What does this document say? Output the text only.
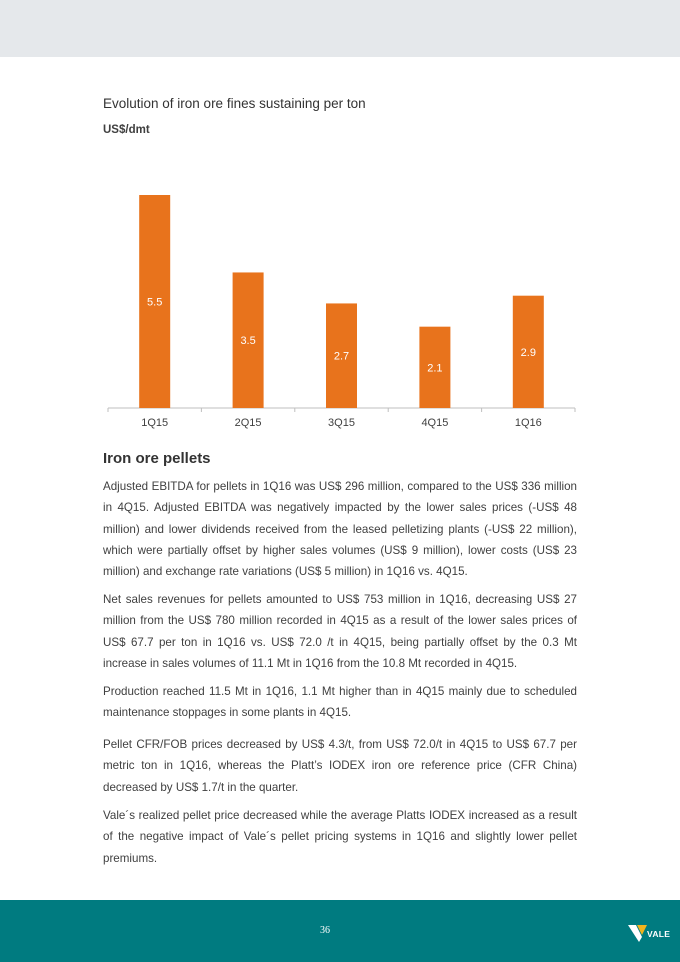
Evolution of iron ore fines sustaining per ton
US$/dmt
5.5
1Q15
3.5
2Q15
2.7
3Q15
2.1
4Q15
2.9
1Q16
Iron ore pellets

Adjusted EBITDA for pellets in 1Q16 was US$ 296 million, compared to the US$ 336 million in 4Q15. Adjusted EBITDA was negatively impacted by the lower sales prices (-US$ 48 million) and lower dividends received from the leased pelletizing plants (-US$ 22 million), which were partially offset by higher sales volumes (US$ 9 million), lower costs (US$ 23 million) and exchange rate variations (US$ 5 million) in 1Q16 vs. 4Q15.

Net sales revenues for pellets amounted to US$ 753 million in 1Q16, decreasing US$ 27 million from the US$ 780 million recorded in 4Q15 as a result of the lower sales prices of US$ 67.7 per ton in 1Q16 vs. US$ 72.0 /t in 4Q15, being partially offset by the 0.3 Mt increase in sales volumes of 11.1 Mt in 1Q16 from the 10.8 Mt recorded in 4Q15.

Production reached 11.5 Mt in 1Q16, 1.1 Mt higher than in 4Q15 mainly due to scheduled maintenance stoppages in some plants in 4Q15.

Pellet CFR/FOB prices decreased by US$ 4.3/t, from US$ 72.0/t in 4Q15 to US$ 67.7 per metric ton in 1Q16, whereas the Platt’s IODEX iron ore reference price (CFR China) decreased by US$ 1.7/t in the quarter.

Vale´s realized pellet price decreased while the average Platts IODEX increased as a result of the negative impact of Vale´s pellet pricing systems in 1Q16 and slightly lower pellet premiums.

36	VALE
